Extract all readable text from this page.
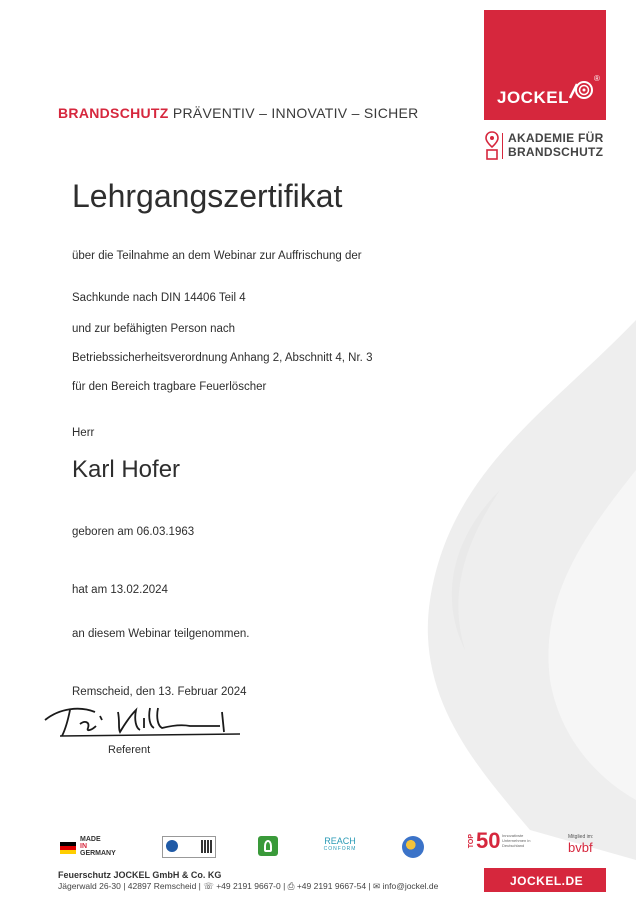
BRANDSCHUTZ PRÄVENTIV – INNOVATIV – SICHER
JOCKEL
®
AKADEMIE FÜR
BRANDSCHUTZ
Lehrgangszertifikat
über die Teilnahme an dem Webinar zur Auffrischung der
Sachkunde nach DIN 14406 Teil 4
und zur befähigten Person nach
Betriebssicherheitsverordnung Anhang 2, Abschnitt 4, Nr. 3
für den Bereich tragbare Feuerlöscher
Herr
Karl Hofer
geboren am 06.03.1963
hat am 13.02.2024
an diesem Webinar teilgenommen.
Remscheid, den 13. Februar 2024
Referent
MADE
IN
GERMANY
REACH
CONFORM
TOP 50 Innovativste Unternehmen in Deutschland
Mitglied im:
bvbf
Feuerschutz JOCKEL GmbH & Co. KG
Jägerwald 26-30 | 42897 Remscheid | ☏ +49 2191 9667-0 | ⎙ +49 2191 9667-54 | ✉ info@jockel.de	JOCKEL.DE
